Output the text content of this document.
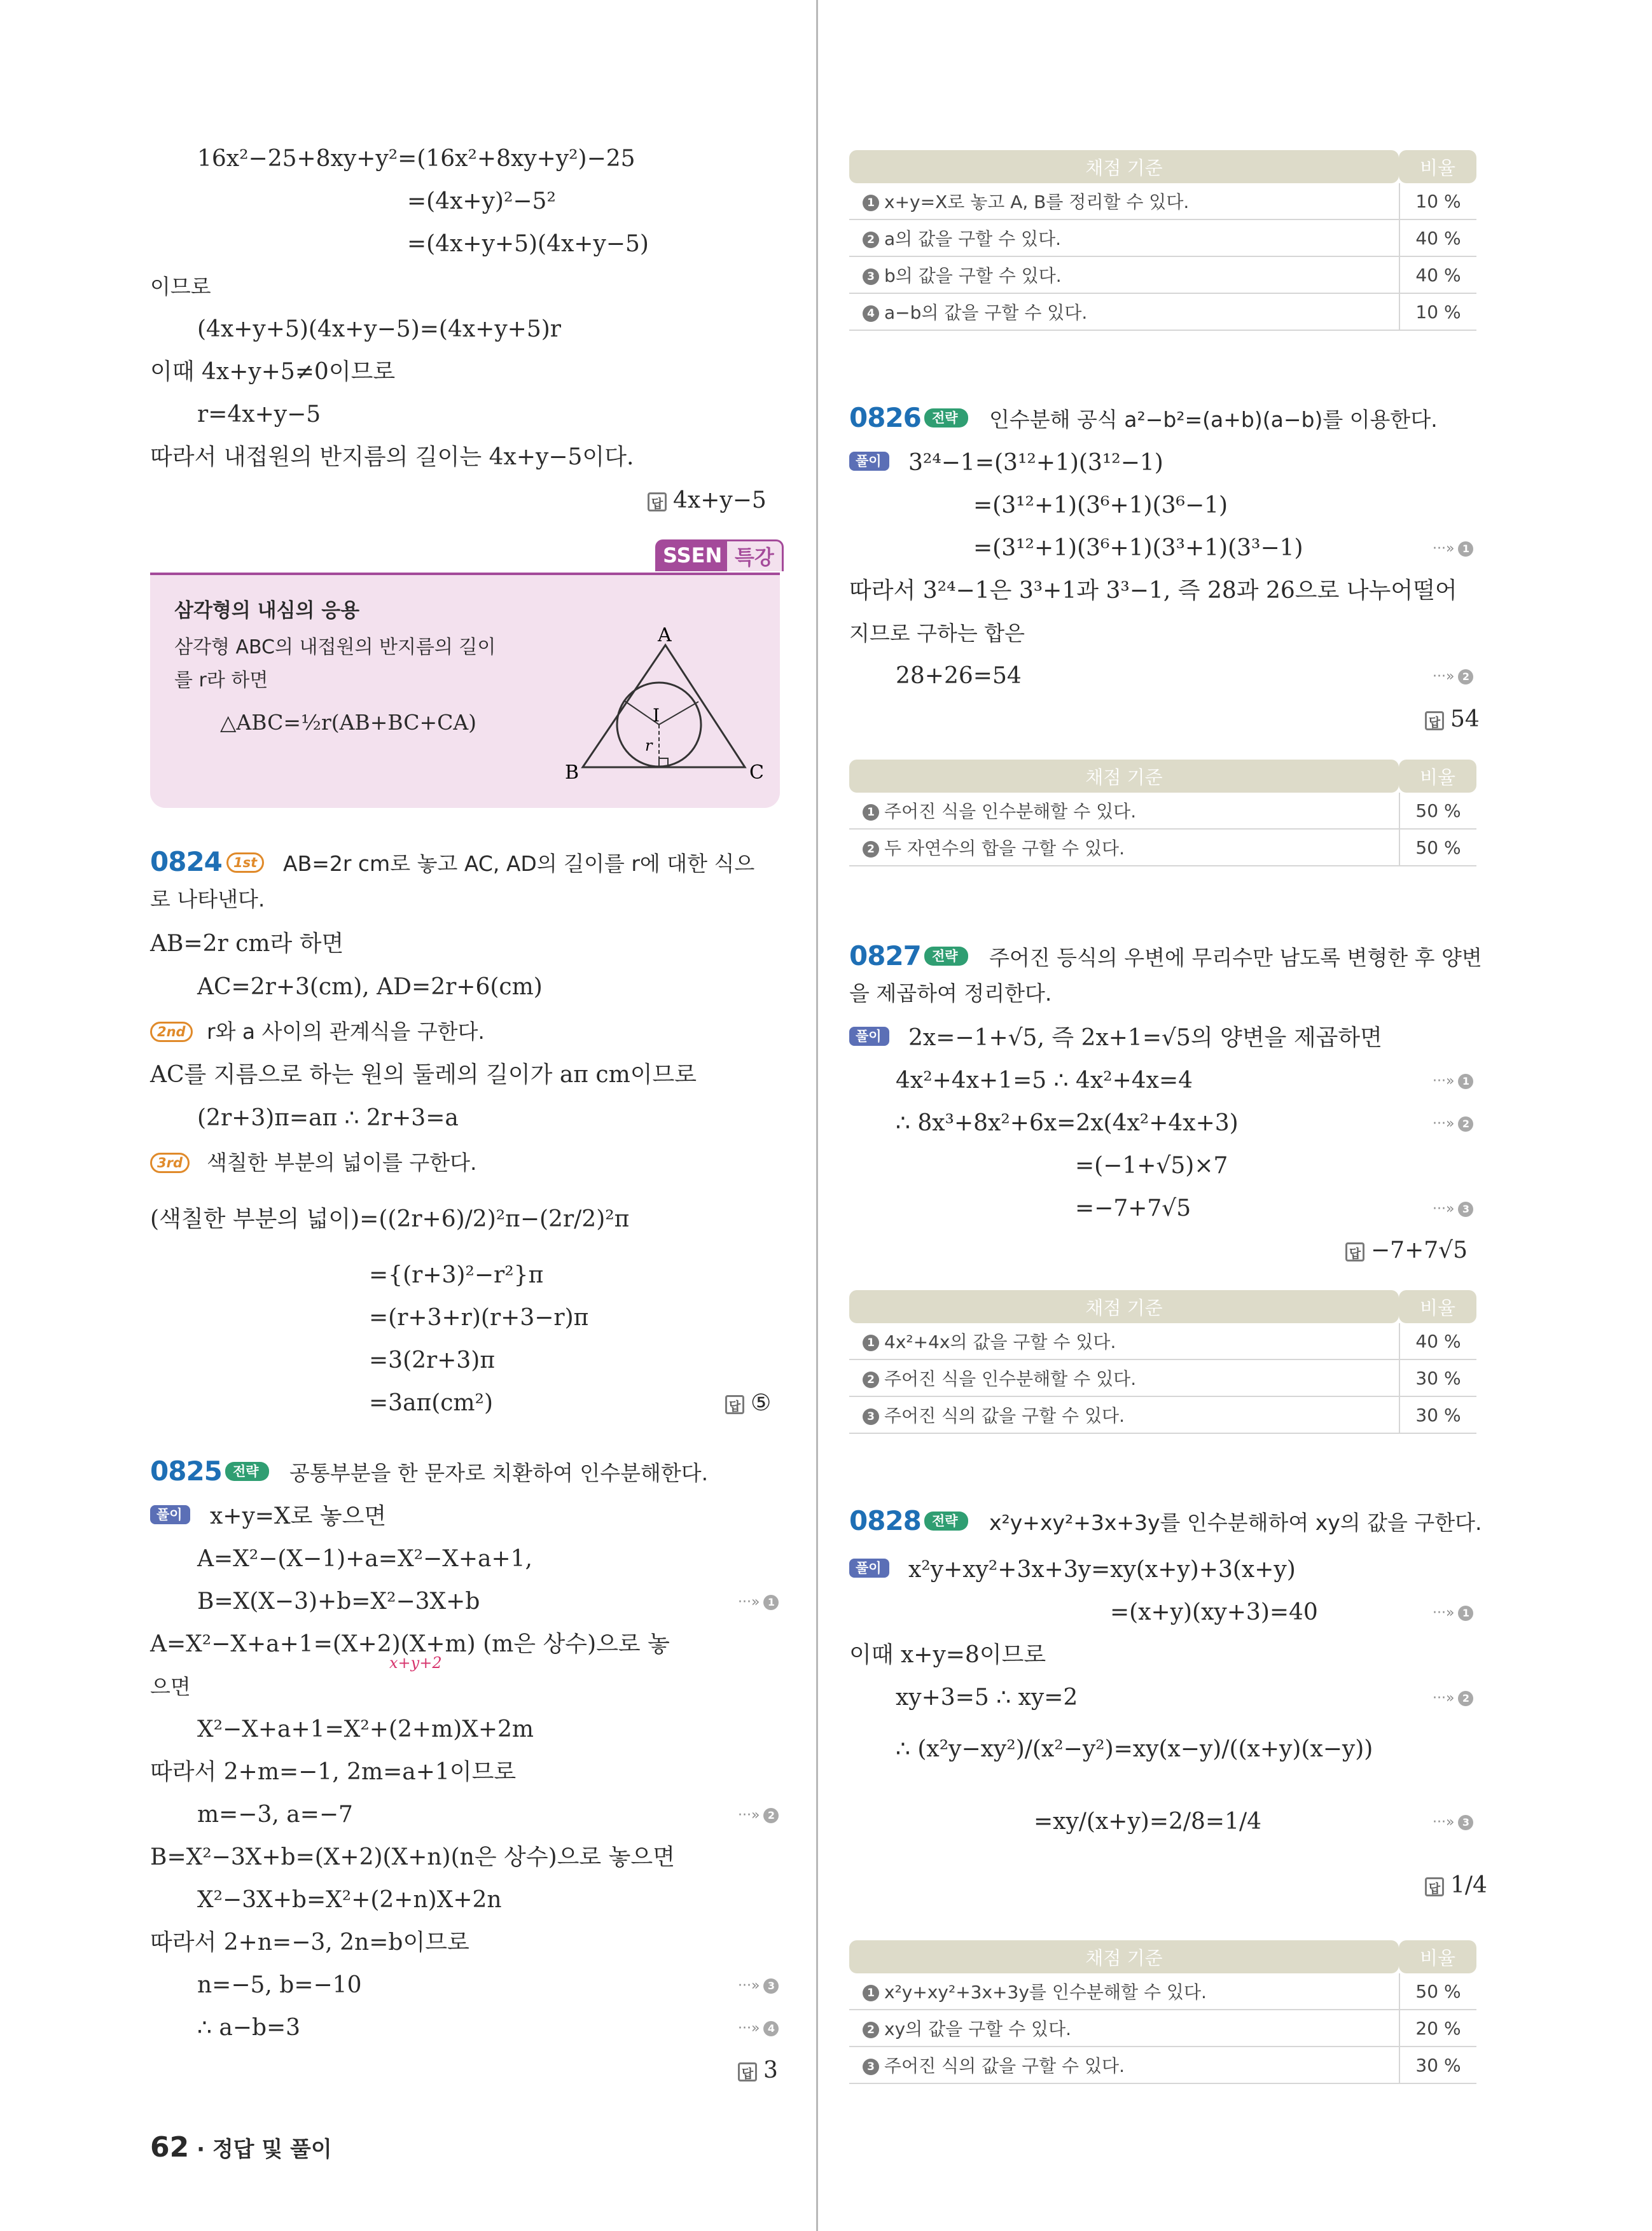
16x²−25+8xy+y²=(16x²+8xy+y²)−25
=(4x+y)²−5²
=(4x+y+5)(4x+y−5)
이므로
(4x+y+5)(4x+y−5)=(4x+y+5)r
이때 4x+y+5≠0이므로
r=4x+y−5
따라서 내접원의 반지름의 길이는 4x+y−5이다.
답 4x+y−5
SSEN 특강
삼각형의 내심의 응용
삼각형 ABC의 내접원의 반지름의 길이
를 r라 하면
△ABC=½r(AB+BC+CA)
A
B	C
I
r
0824 1st	AB=2r cm로 놓고 AC, AD의 길이를 r에 대한 식으
로 나타낸다.
AB=2r cm라 하면
AC=2r+3(cm), AD=2r+6(cm)
2nd	r와 a 사이의 관계식을 구한다.
AC를 지름으로 하는 원의 둘레의 길이가 aπ cm이므로
(2r+3)π=aπ ∴ 2r+3=a
3rd	색칠한 부분의 넓이를 구한다.
(색칠한 부분의 넓이)=((2r+6)/2)²π−(2r/2)²π
={(r+3)²−r²}π
=(r+3+r)(r+3−r)π
=3(2r+3)π
=3aπ(cm²)	답 ⑤
0825 전략	공통부분을 한 문자로 치환하여 인수분해한다.
풀이	x+y=X로 놓으면
A=X²−(X−1)+a=X²−X+a+1,
B=X(X−3)+b=X²−3X+b	···» 1
A=X²−X+a+1=(X+2)(X+m) (m은 상수)으로 놓
x+y+2
으면
X²−X+a+1=X²+(2+m)X+2m
따라서 2+m=−1, 2m=a+1이므로
m=−3, a=−7	···» 2
B=X²−3X+b=(X+2)(X+n)(n은 상수)으로 놓으면
X²−3X+b=X²+(2+n)X+2n
따라서 2+n=−3, 2n=b이므로
n=−5, b=−10	···» 3
∴ a−b=3	···» 4
답 3
62 · 정답 및 풀이
채점 기준	비율
1 x+y=X로 놓고 A, B를 정리할 수 있다.	10 %
2 a의 값을 구할 수 있다.	40 %
3 b의 값을 구할 수 있다.	40 %
4 a−b의 값을 구할 수 있다.	10 %
0826 전략	인수분해 공식 a²−b²=(a+b)(a−b)를 이용한다.
풀이	3²⁴−1=(3¹²+1)(3¹²−1)
=(3¹²+1)(3⁶+1)(3⁶−1)
=(3¹²+1)(3⁶+1)(3³+1)(3³−1)	···» 1
따라서 3²⁴−1은 3³+1과 3³−1, 즉 28과 26으로 나누어떨어
지므로 구하는 합은
28+26=54	···» 2
답 54
채점 기준	비율
1 주어진 식을 인수분해할 수 있다.	50 %
2 두 자연수의 합을 구할 수 있다.	50 %
0827 전략	주어진 등식의 우변에 무리수만 남도록 변형한 후 양변
을 제곱하여 정리한다.
풀이	2x=−1+√5, 즉 2x+1=√5의 양변을 제곱하면
4x²+4x+1=5 ∴ 4x²+4x=4	···» 1
∴ 8x³+8x²+6x=2x(4x²+4x+3)	···» 2
=(−1+√5)×7
=−7+7√5	···» 3
답 −7+7√5
채점 기준	비율
1 4x²+4x의 값을 구할 수 있다.	40 %
2 주어진 식을 인수분해할 수 있다.	30 %
3 주어진 식의 값을 구할 수 있다.	30 %
0828 전략	x²y+xy²+3x+3y를 인수분해하여 xy의 값을 구한다.
풀이	x²y+xy²+3x+3y=xy(x+y)+3(x+y)
=(x+y)(xy+3)=40	···» 1
이때 x+y=8이므로
xy+3=5 ∴ xy=2	···» 2
∴ (x²y−xy²)/(x²−y²)=xy(x−y)/((x+y)(x−y))
=xy/(x+y)=2/8=1/4	···» 3
답 1/4
채점 기준	비율
1 x²y+xy²+3x+3y를 인수분해할 수 있다.	50 %
2 xy의 값을 구할 수 있다.	20 %
3 주어진 식의 값을 구할 수 있다.	30 %
